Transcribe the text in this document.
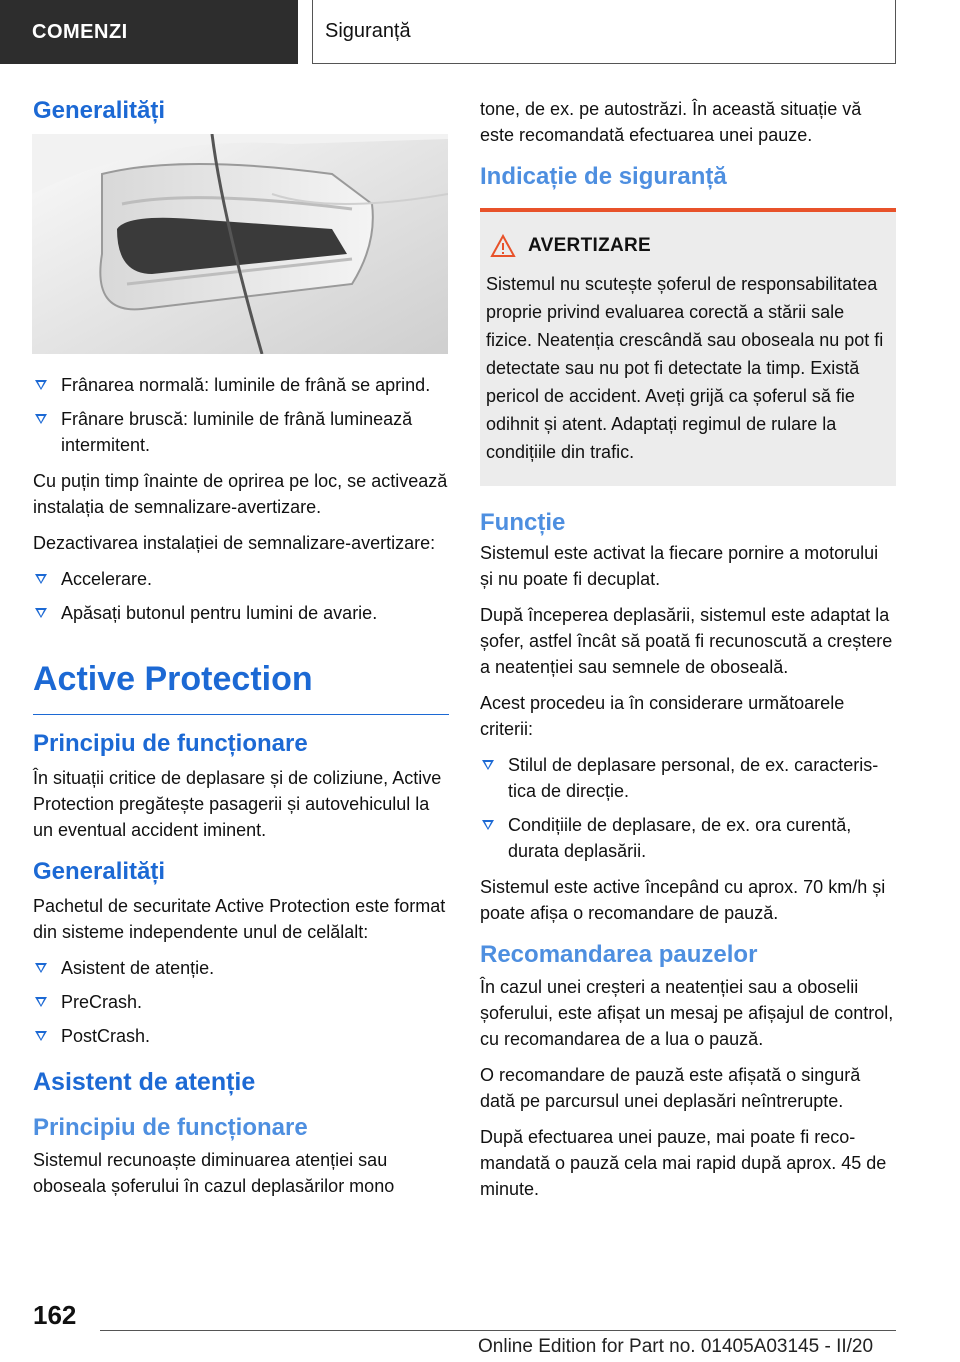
COMENZI	Siguranță
Generalități
Frânarea normală: luminile de frână se aprind.
Frânare bruscă: luminile de frână luminează intermitent.

Cu puțin timp înainte de oprirea pe loc, se activează instalația de semnalizare-avertizare.

Dezactivarea instalației de semnalizare-avertizare:

Accelerare.
Apăsați butonul pentru lumini de avarie.
Active Protection
Principiu de funcționare

În situații critice de deplasare și de coliziune, Active Protection pregătește pasagerii și autovehiculul la un eventual accident iminent.

Generalități

Pachetul de securitate Active Protection este format din sisteme independente unul de celălalt:

Asistent de atenție.
PreCrash.
PostCrash.
Asistent de atenție
Principiu de funcționare

Sistemul recunoaște diminuarea atenției sau oboseala șoferului în cazul deplasărilor mono

tone, de ex. pe autostrăzi. În această situație vă este recomandată efectuarea unei pauze.

Indicație de siguranță
AVERTIZARE

Sistemul nu scutește șoferul de responsabilitatea proprie privind evaluarea corectă a stării sale fizice. Neatenția crescândă sau oboseala nu pot fi detectate sau nu pot fi detectate la timp. Există pericol de accident. Aveți grijă ca șoferul să fie odihnit și atent. Adaptați regimul de rulare la condițiile din trafic.

Funcție

Sistemul este activat la fiecare pornire a motorului și nu poate fi decuplat.

După începerea deplasării, sistemul este adaptat la șofer, astfel încât să poată fi recunoscută a creștere a neatenției sau semnele de oboseală.

Acest procedeu ia în considerare următoarele criterii:

Stilul de deplasare personal, de ex. caracteristica de direcție.
Condițiile de deplasare, de ex. ora curentă, durata deplasării.

Sistemul este active începând cu aprox. 70 km/h și poate afișa o recomandare de pauză.

Recomandarea pauzelor

În cazul unei creșteri a neatenției sau a oboselii șoferului, este afișat un mesaj pe afișajul de control, cu recomandarea de a lua o pauză.

O recomandare de pauză este afișată o singură dată pe parcursul unei deplasări neîntrerupte.

După efectuarea unei pauze, mai poate fi recomandată o pauză cela mai rapid după aprox. 45 de minute.

162
Online Edition for Part no. 01405A03145 - II/20
